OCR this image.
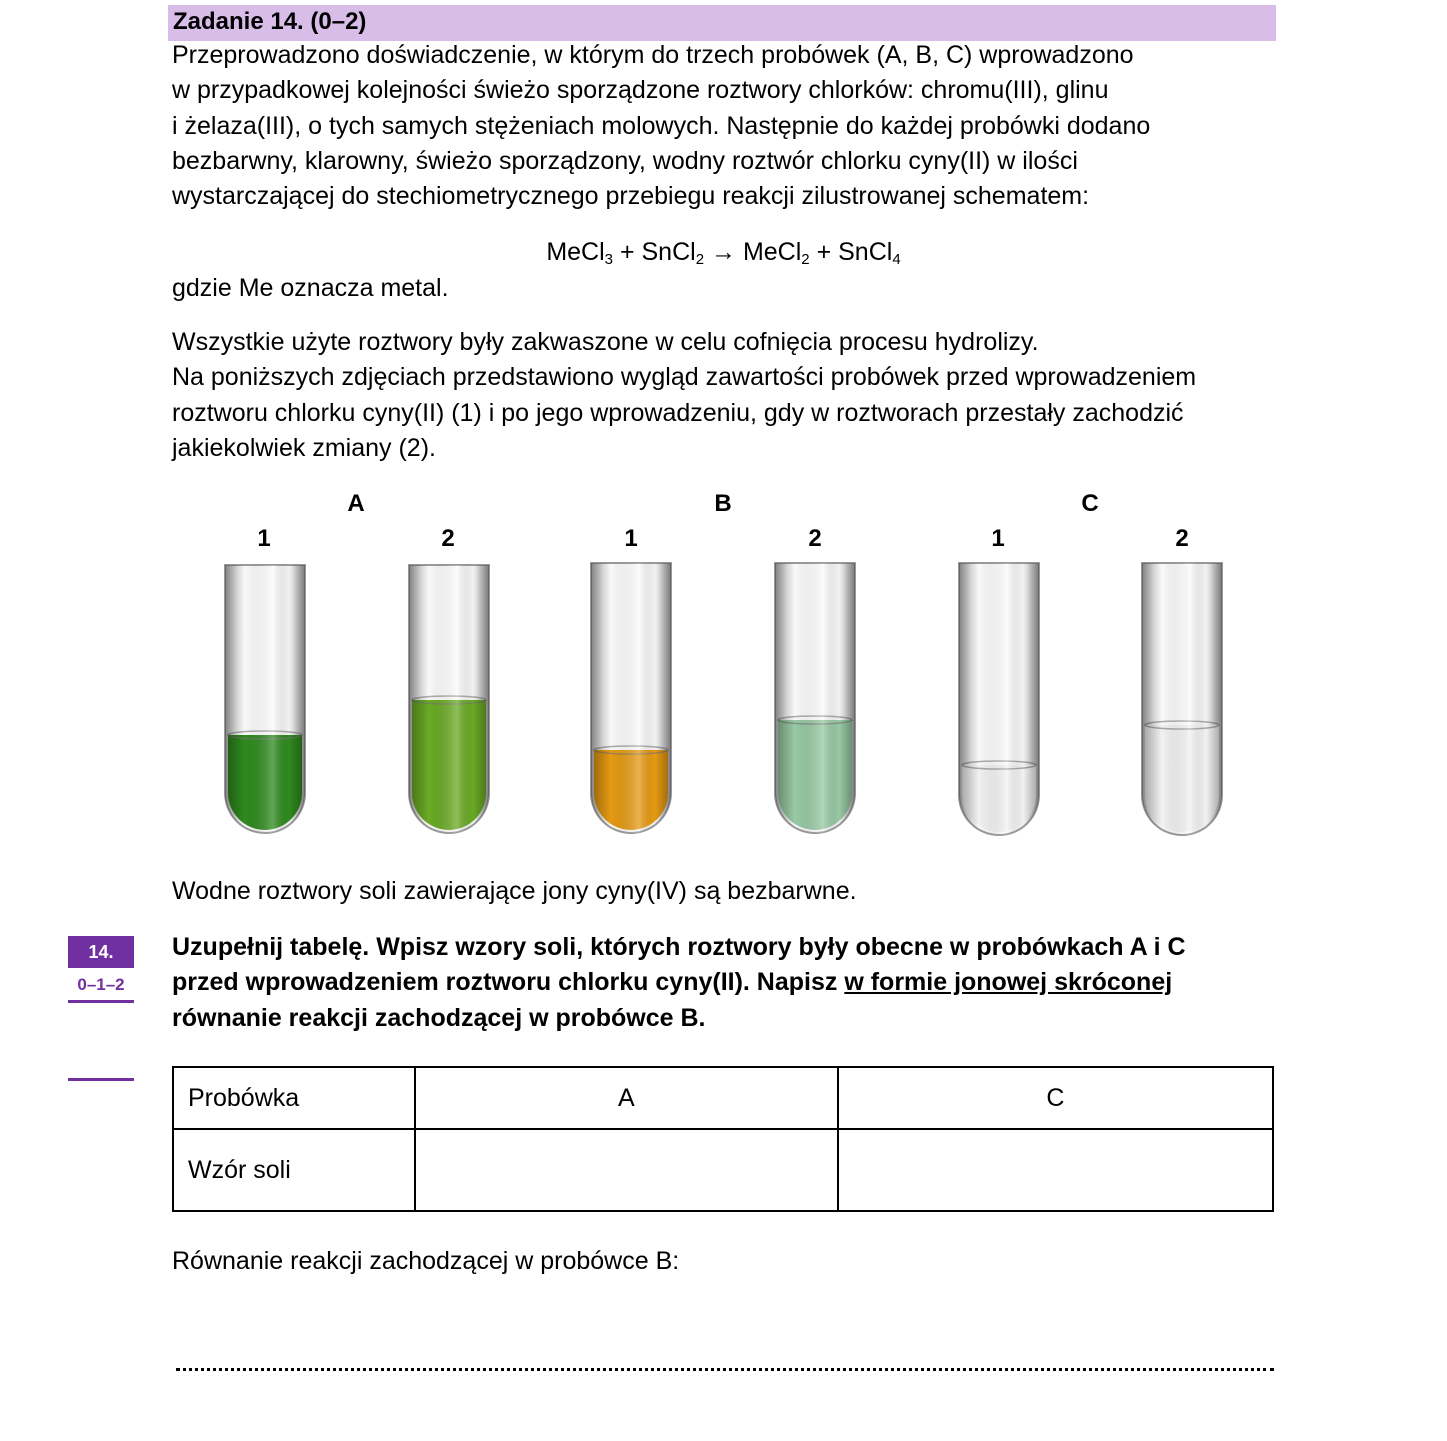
Zadanie 14. (0–2)
Przeprowadzono doświadczenie, w którym do trzech probówek (A, B, C) wprowadzono
w przypadkowej kolejności świeżo sporządzone roztwory chlorków: chromu(III), glinu
i żelaza(III), o tych samych stężeniach molowych. Następnie do każdej probówki dodano
bezbarwny, klarowny, świeżo sporządzony, wodny roztwór chlorku cyny(II) w ilości
wystarczającej do stechiometrycznego przebiegu reakcji zilustrowanej schematem:
MeCl$_3$ + SnCl$_2$ → MeCl$_2$ + SnCl$_4$
gdzie Me oznacza metal.
Wszystkie użyte roztwory były zakwaszone w celu cofnięcia procesu hydrolizy.
Na poniższych zdjęciach przedstawiono wygląd zawartości probówek przed wprowadzeniem
roztworu chlorku cyny(II) (1) i po jego wprowadzeniu, gdy w roztworach przestały zachodzić
jakiekolwiek zmiany (2).
A	B	C
1	2	1	2	1	2
Wodne roztwory soli zawierające jony cyny(IV) są bezbarwne.
14.
0–1–2
Uzupełnij tabelę. Wpisz wzory soli, których roztwory były obecne w probówkach A i C
przed wprowadzeniem roztworu chlorku cyny(II). Napisz w formie jonowej skróconej
równanie reakcji zachodzącej w probówce B.
Probówka	A	C
Wzór soli		
Równanie reakcji zachodzącej w probówce B:
